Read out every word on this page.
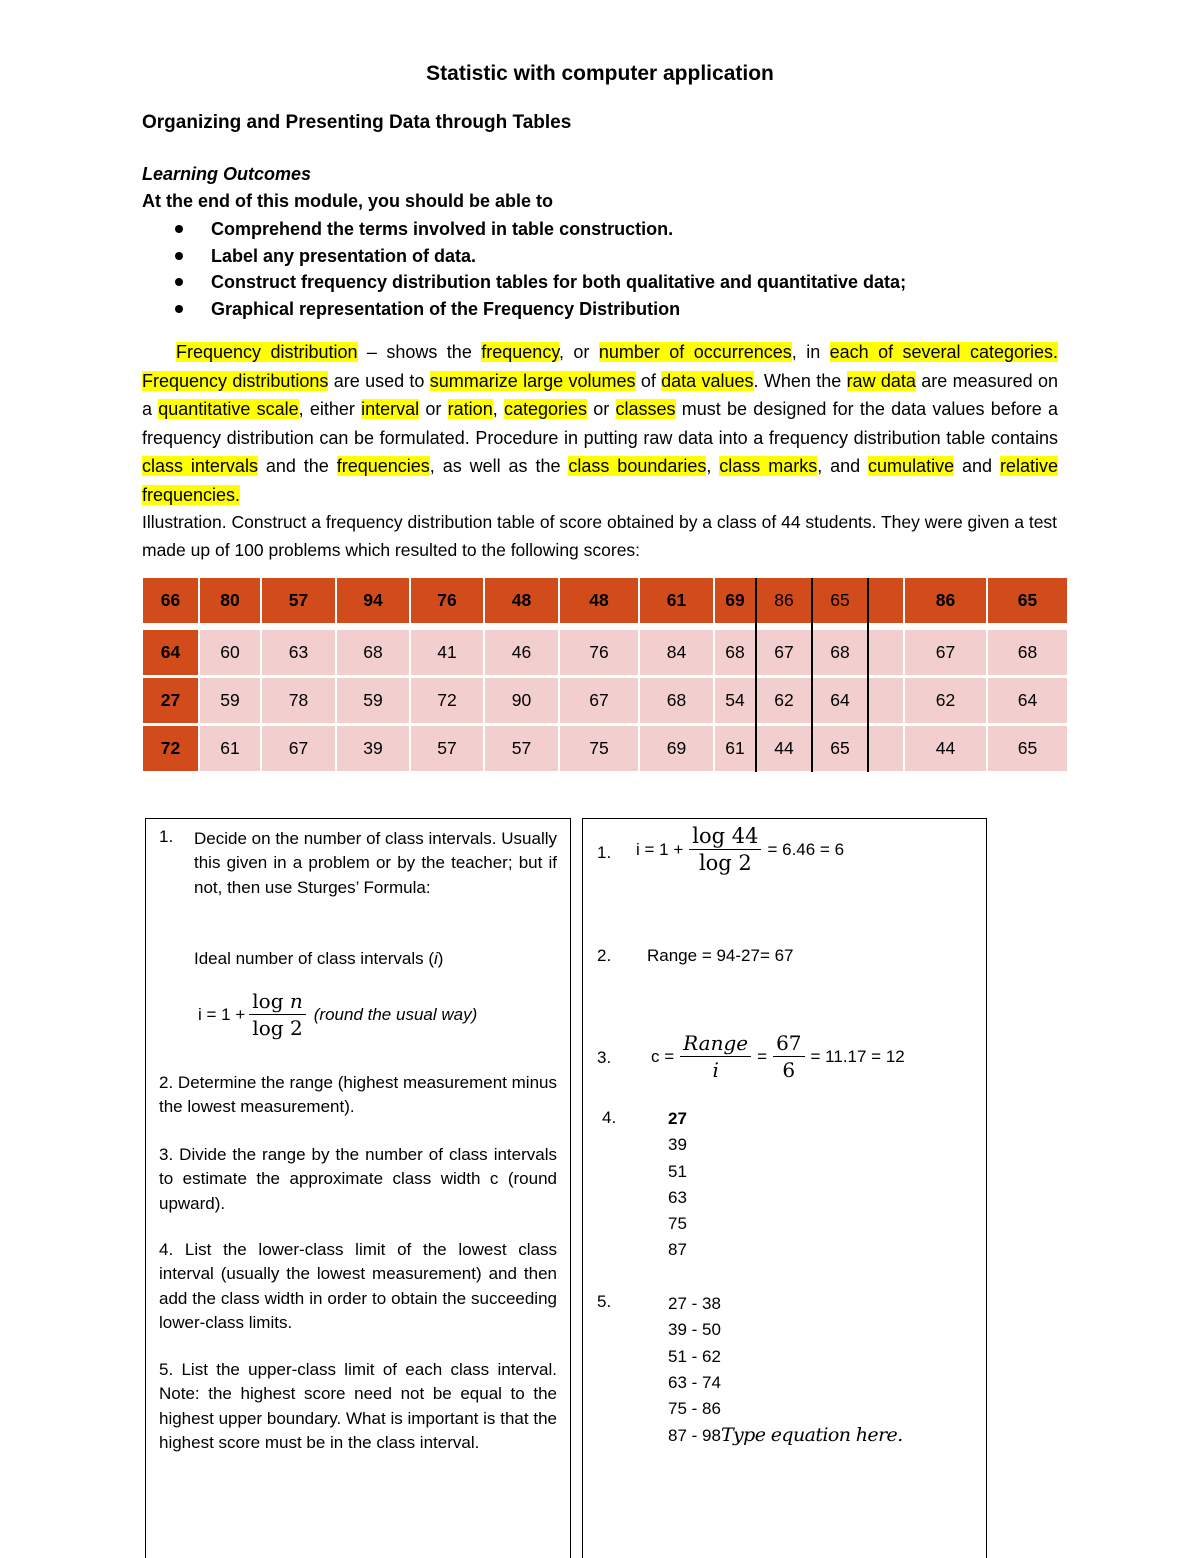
Statistic with computer application
Organizing and Presenting Data through Tables
Learning Outcomes
At the end of this module, you should be able to
Comprehend the terms involved in table construction.
Label any presentation of data.
Construct frequency distribution tables for both qualitative and quantitative data;
Graphical representation of the Frequency Distribution

Frequency distribution – shows the frequency, or number of occurrences, in each of several categories. Frequency distributions are used to summarize large volumes of data values. When the raw data are measured on a quantitative scale, either interval or ration, categories or classes must be designed for the data values before a frequency distribution can be formulated. Procedure in putting raw data into a frequency distribution table contains class intervals and the frequencies, as well as the class boundaries, class marks, and cumulative and relative frequencies.

Illustration. Construct a frequency distribution table of score obtained by a class of 44 students. They were given a test made up of 100 problems which resulted to the following scores:
66	80	57	94	76	48	48	61	69	86	65	86	65
64	60	63	68	41	46	76	84	68	67	68	67	68
27	59	78	59	72	90	67	68	54	62	64	62	64
72	61	67	39	57	57	75	69	61	44	65	44	65
1. Decide on the number of class intervals. Usually this given in a problem or by the teacher; but if not, then use Sturges’ Formula:
Ideal number of class intervals (i)
$i = 1 + \frac{\text{log n}}{\log 2}$ (round the usual way)
2. Determine the range (highest measurement minus the lowest measurement).
3. Divide the range by the number of class intervals to estimate the approximate class width c (round upward).
4. List the lower-class limit of the lowest class interval (usually the lowest measurement) and then add the class width in order to obtain the succeeding lower-class limits.
5. List the upper-class limit of each class interval. Note: the highest score need not be equal to the highest upper boundary. What is important is that the highest score must be in the class interval.
1. $i = 1 + \frac{\log 44}{\log 2} = 6.46 = 6$
2. Range = 94-27= 67
3. $c = \frac{\text{Range}}{i} = \frac{67}{6} = 11.17 = 12$
4.	27
39
51
63
75
87
5.	27 - 38
39 - 50
51 - 62
63 - 74
75 - 86
87 - 98Type equation here.
